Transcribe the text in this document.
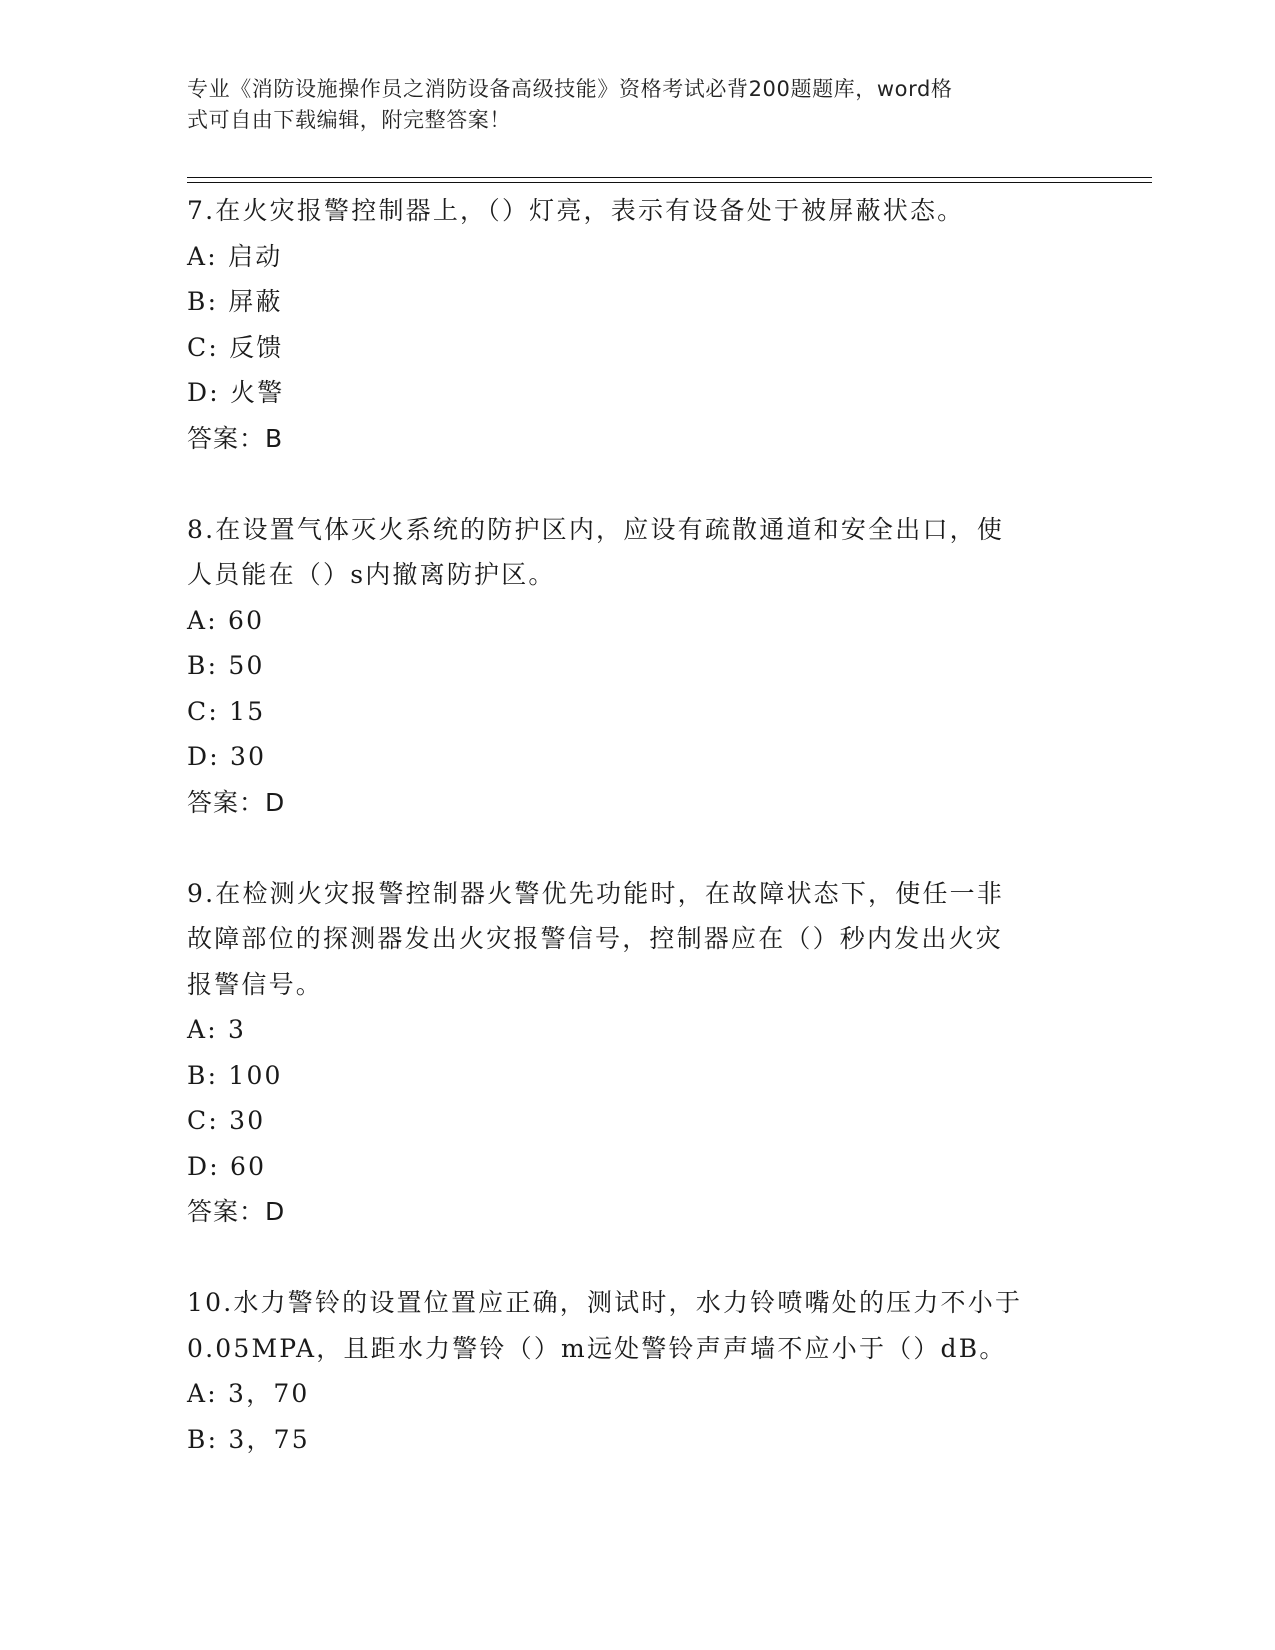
专业《消防设施操作员之消防设备高级技能》资格考试必背200题题库，word格
式可自由下载编辑，附完整答案！
7.在火灾报警控制器上，（）灯亮，表示有设备处于被屏蔽状态。
A: 启动
B: 屏蔽
C: 反馈
D: 火警
答案：B
8.在设置气体灭火系统的防护区内，应设有疏散通道和安全出口，使
人员能在（）s内撤离防护区。
A: 60
B: 50
C: 15
D: 30
答案：D
9.在检测火灾报警控制器火警优先功能时，在故障状态下，使任一非
故障部位的探测器发出火灾报警信号，控制器应在（）秒内发出火灾
报警信号。
A: 3
B: 100
C: 30
D: 60
答案：D
10.水力警铃的设置位置应正确，测试时，水力铃喷嘴处的压力不小于
0.05MPA，且距水力警铃（）m远处警铃声声墙不应小于（）dB。
A: 3，70
B: 3，75
